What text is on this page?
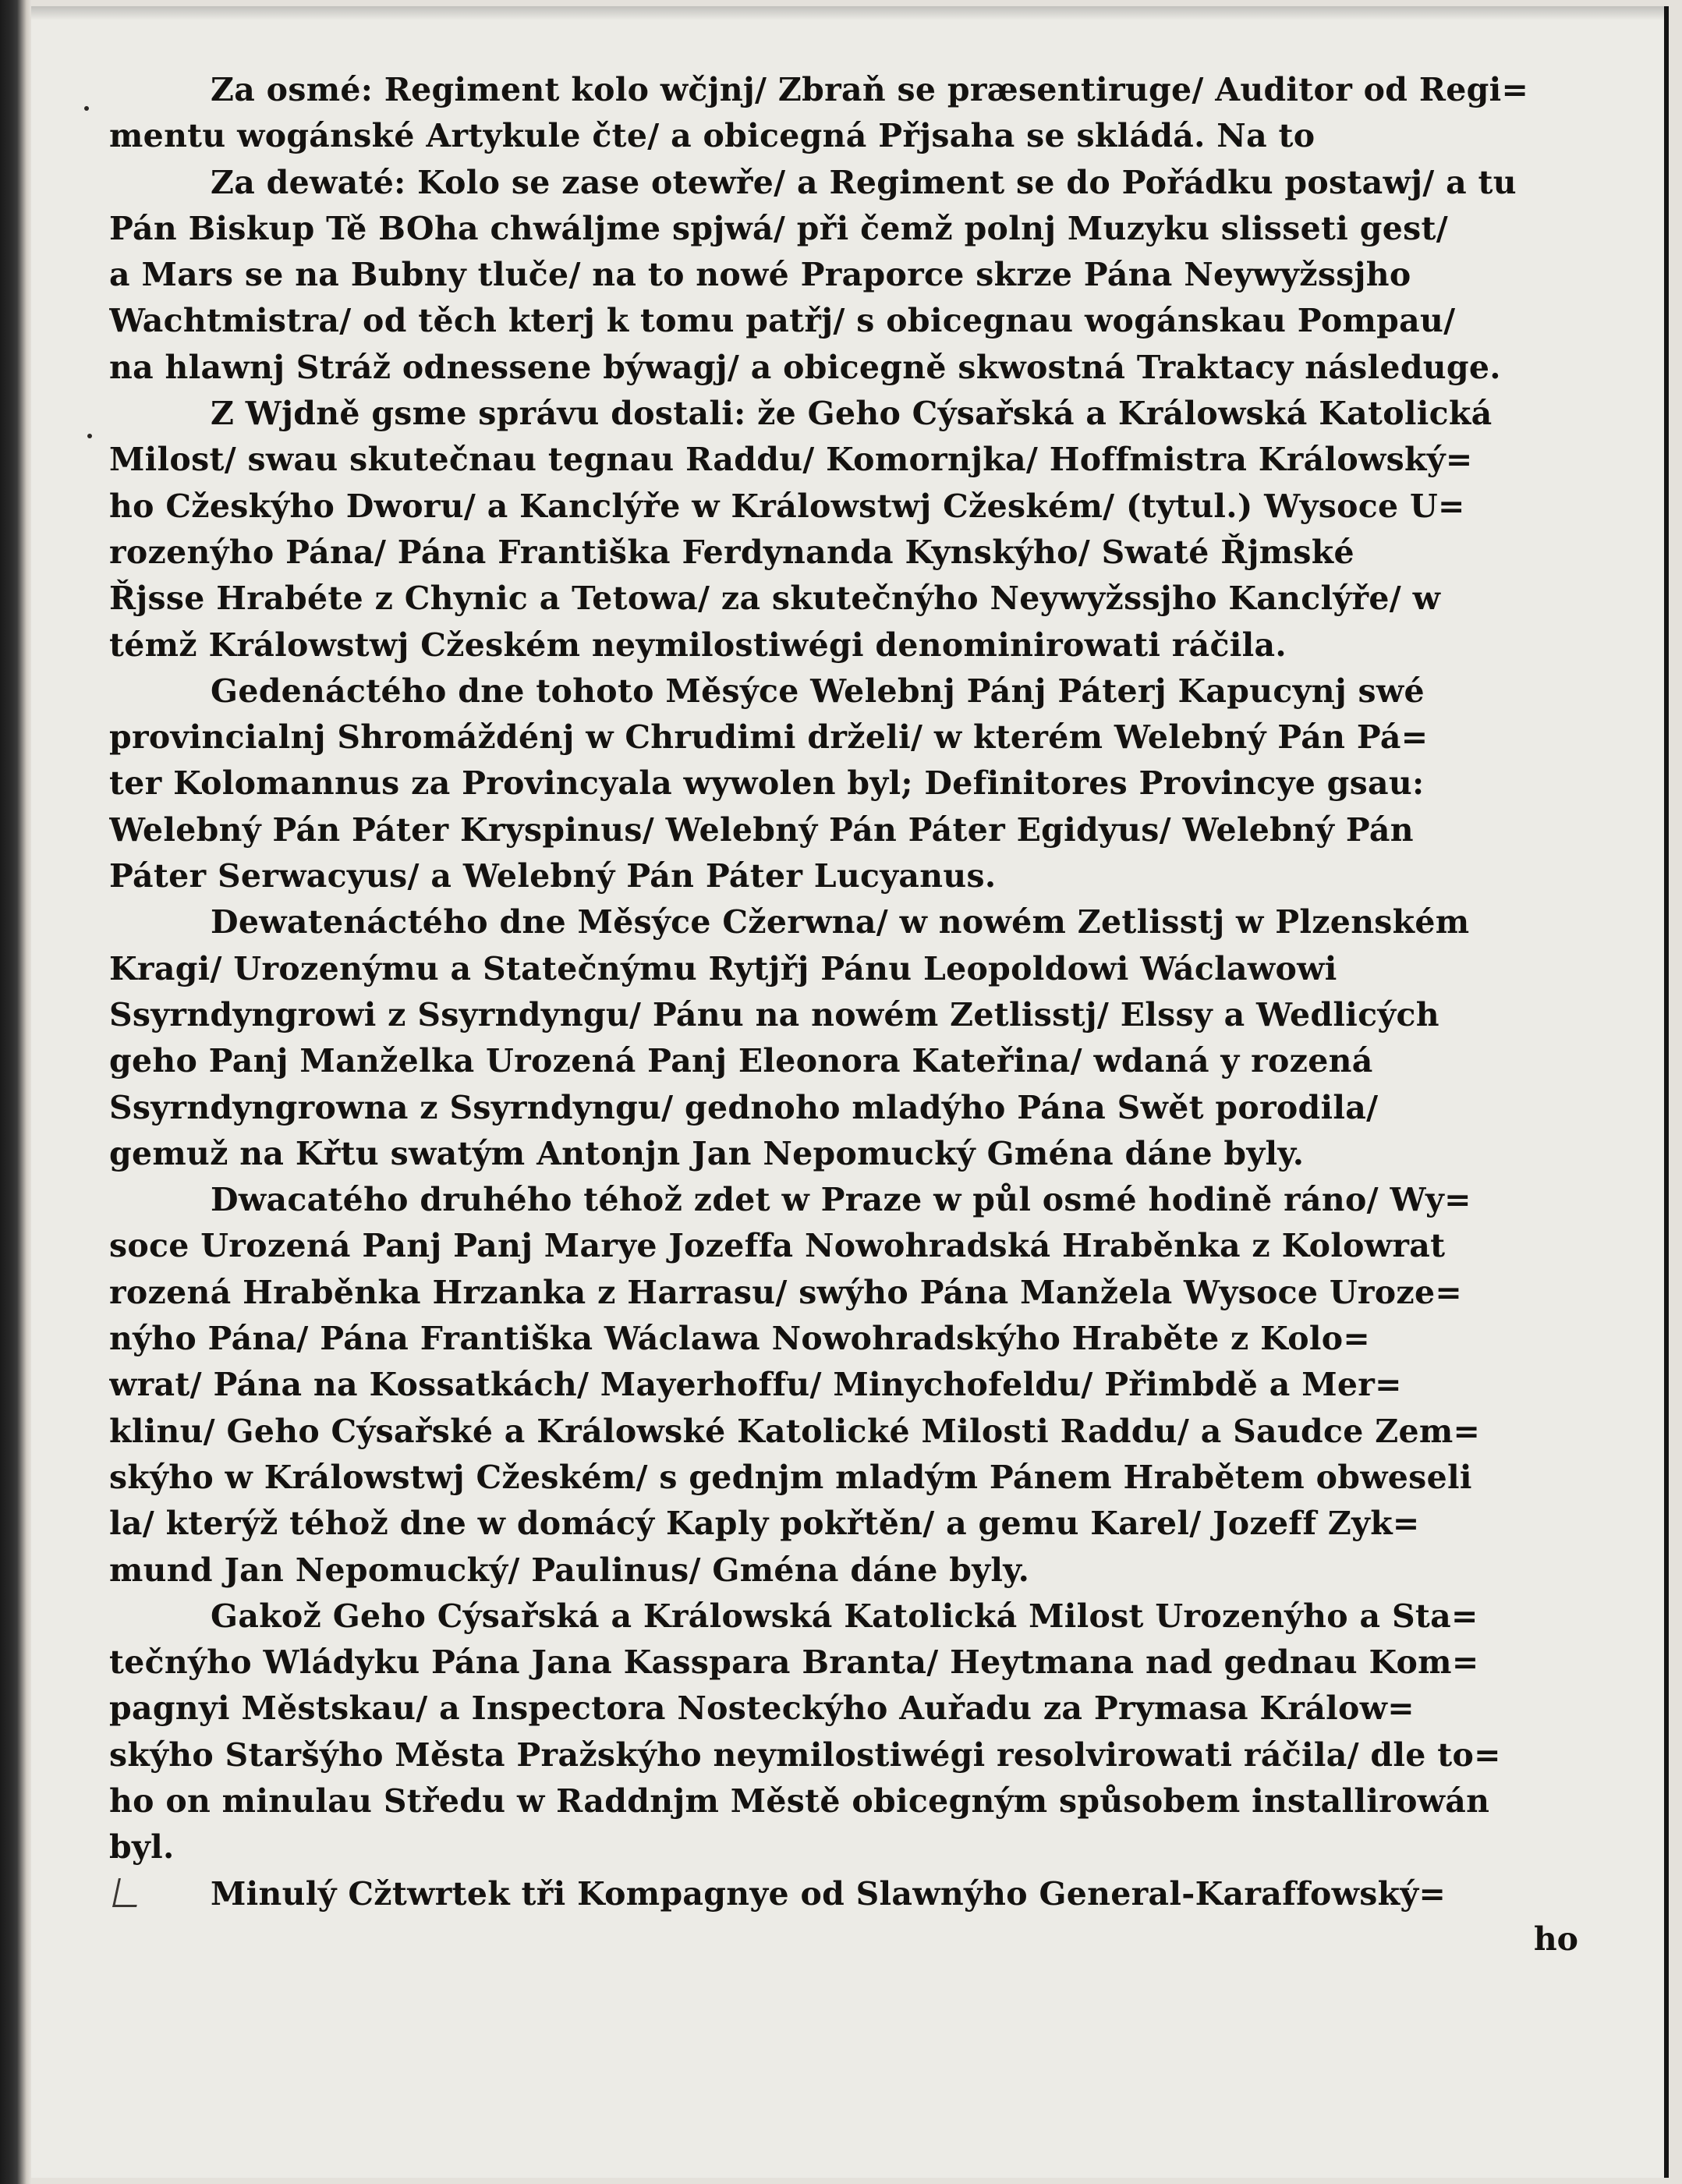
Za osmé: Regiment kolo wčjnj/ Zbraň se præsentiruge/ Auditor od Regi=
mentu wogánské Artykule čte/ a obicegná Přjsaha se skládá. Na to
Za dewaté: Kolo se zase otewře/ a Regiment se do Pořádku postawj/ a tu
Pán Biskup Tě BOha chwáljme spjwá/ při čemž polnj Muzyku slisseti gest/
a Mars se na Bubny tluče/ na to nowé Praporce skrze Pána Neywyžssjho
Wachtmistra/ od těch kterj k tomu patřj/ s obicegnau wogánskau Pompau/
na hlawnj Stráž odnessene býwagj/ a obicegně skwostná Traktacy následuge.
Z Wjdně gsme správu dostali: že Geho Cýsařská a Králowská Katolická
Milost/ swau skutečnau tegnau Raddu/ Komornjka/ Hoffmistra Králowský=
ho Cžeskýho Dworu/ a Kanclýře w Králowstwj Cžeském/ (tytul.) Wysoce U=
rozenýho Pána/ Pána Františka Ferdynanda Kynskýho/ Swaté Řjmské
Řjsse Hrabéte z Chynic a Tetowa/ za skutečnýho Neywyžssjho Kanclýře/ w
témž Králowstwj Cžeském neymilostiwégi denominirowati ráčila.
Gedenáctého dne tohoto Měsýce Welebnj Pánj Páterj Kapucynj swé
provincialnj Shromáždénj w Chrudimi drželi/ w kterém Welebný Pán Pá=
ter Kolomannus za Provincyala wywolen byl; Definitores Provincye gsau:
Welebný Pán Páter Kryspinus/ Welebný Pán Páter Egidyus/ Welebný Pán
Páter Serwacyus/ a Welebný Pán Páter Lucyanus.
Dewatenáctého dne Měsýce Cžerwna/ w nowém Zetlisstj w Plzenském
Kragi/ Urozenýmu a Statečnýmu Rytjřj Pánu Leopoldowi Wáclawowi
Ssyrndyngrowi z Ssyrndyngu/ Pánu na nowém Zetlisstj/ Elssy a Wedlicých
geho Panj Manželka Urozená Panj Eleonora Kateřina/ wdaná y rozená
Ssyrndyngrowna z Ssyrndyngu/ gednoho mladýho Pána Swět porodila/
gemuž na Křtu swatým Antonjn Jan Nepomucký Gména dáne byly.
Dwacatého druhého téhož zdet w Praze w půl osmé hodině ráno/ Wy=
soce Urozená Panj Panj Marye Jozeffa Nowohradská Hraběnka z Kolowrat
rozená Hraběnka Hrzanka z Harrasu/ swýho Pána Manžela Wysoce Uroze=
nýho Pána/ Pána Františka Wáclawa Nowohradskýho Hraběte z Kolo=
wrat/ Pána na Kossatkách/ Mayerhoffu/ Minychofeldu/ Přimbdě a Mer=
klinu/ Geho Cýsařské a Králowské Katolické Milosti Raddu/ a Saudce Zem=
skýho w Králowstwj Cžeském/ s gednjm mladým Pánem Hrabětem obweseli
la/ kterýž téhož dne w domácý Kaply pokřtěn/ a gemu Karel/ Jozeff Zyk=
mund Jan Nepomucký/ Paulinus/ Gména dáne byly.
Gakož Geho Cýsařská a Králowská Katolická Milost Urozenýho a Sta=
tečnýho Wládyku Pána Jana Kasspara Branta/ Heytmana nad gednau Kom=
pagnyi Městskau/ a Inspectora Nosteckýho Auřadu za Prymasa Králow=
skýho Staršýho Města Pražskýho neymilostiwégi resolvirowati ráčila/ dle to=
ho on minulau Středu w Raddnjm Městě obicegným spůsobem installirowán
byl.
Minulý Cžtwrtek tři Kompagnye od Slawnýho General-Karaffowský=
ho
